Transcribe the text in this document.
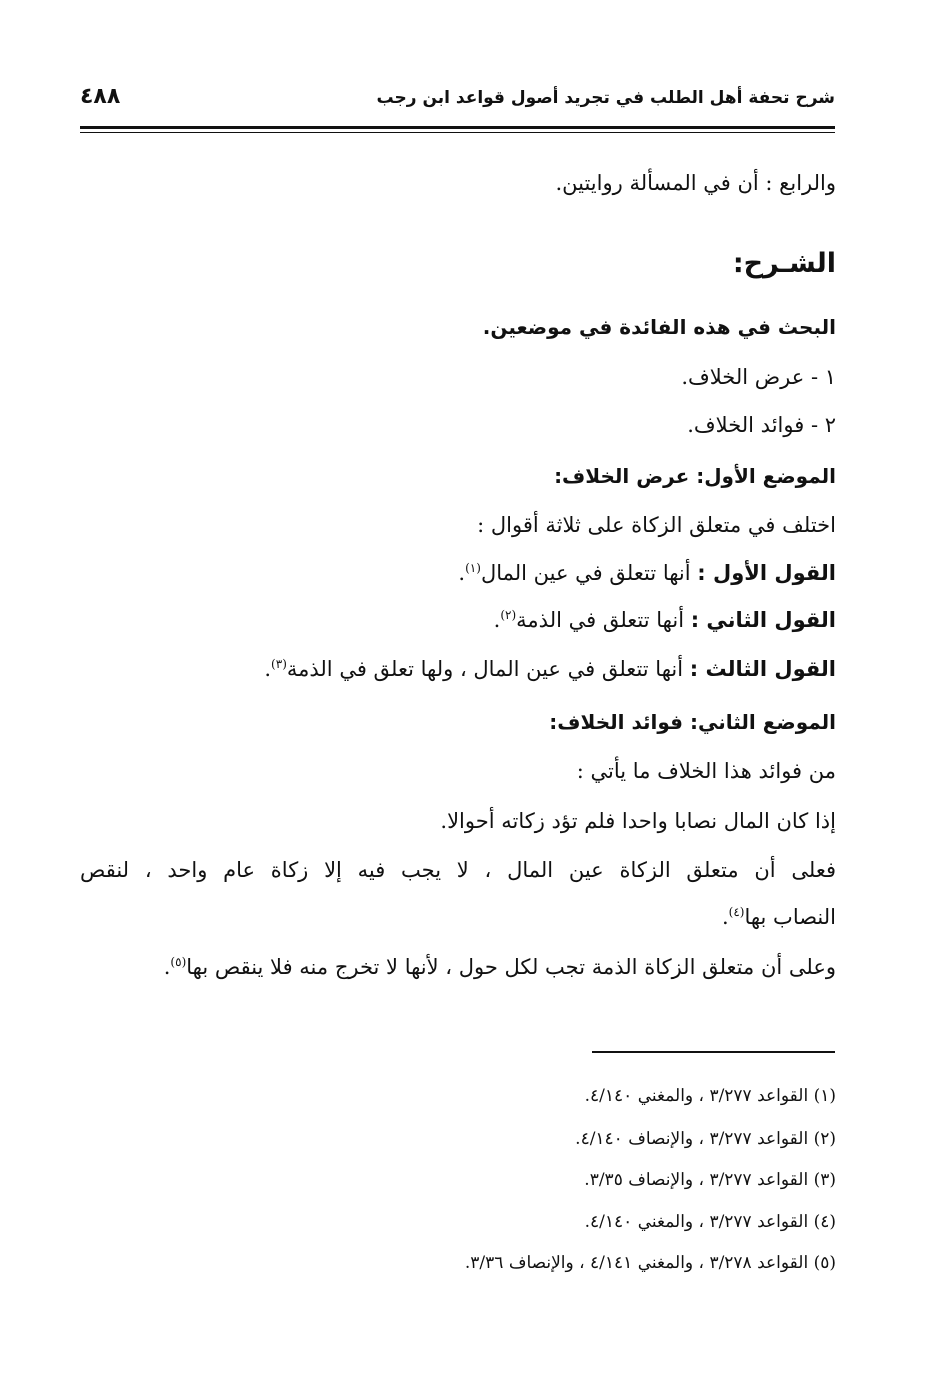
شرح تحفة أهل الطلب في تجريد أصول قواعد ابن رجب
٤٨٨
والرابع : أن في المسألة روايتين.
الشـرح:
البحث في هذه الفائدة في موضعين.
١ - عرض الخلاف.
٢ - فوائد الخلاف.
الموضع الأول: عرض الخلاف:
اختلف في متعلق الزكاة على ثلاثة أقوال :
القول الأول : أنها تتعلق في عين المال$^{(١)}$.
القول الثاني : أنها تتعلق في الذمة$^{(٢)}$.
القول الثالث : أنها تتعلق في عين المال ، ولها تعلق في الذمة$^{(٣)}$.
الموضع الثاني: فوائد الخلاف:
من فوائد هذا الخلاف ما يأتي :
إذا كان المال نصابا واحدا فلم تؤد زكاته أحوالا.
فعلى أن متعلق الزكاة عين المال ، لا يجب فيه إلا زكاة عام واحد ، لنقص
النصاب بها$^{(٤)}$.
وعلى أن متعلق الزكاة الذمة تجب لكل حول ، لأنها لا تخرج منه فلا ينقص بها$^{(٥)}$.
(١) القواعد ٣/٢٧٧ ، والمغني ٤/١٤٠.
(٢) القواعد ٣/٢٧٧ ، والإنصاف ٤/١٤٠.
(٣) القواعد ٣/٢٧٧ ، والإنصاف ٣/٣٥.
(٤) القواعد ٣/٢٧٧ ، والمغني ٤/١٤٠.
(٥) القواعد ٣/٢٧٨ ، والمغني ٤/١٤١ ، والإنصاف ٣/٣٦.
